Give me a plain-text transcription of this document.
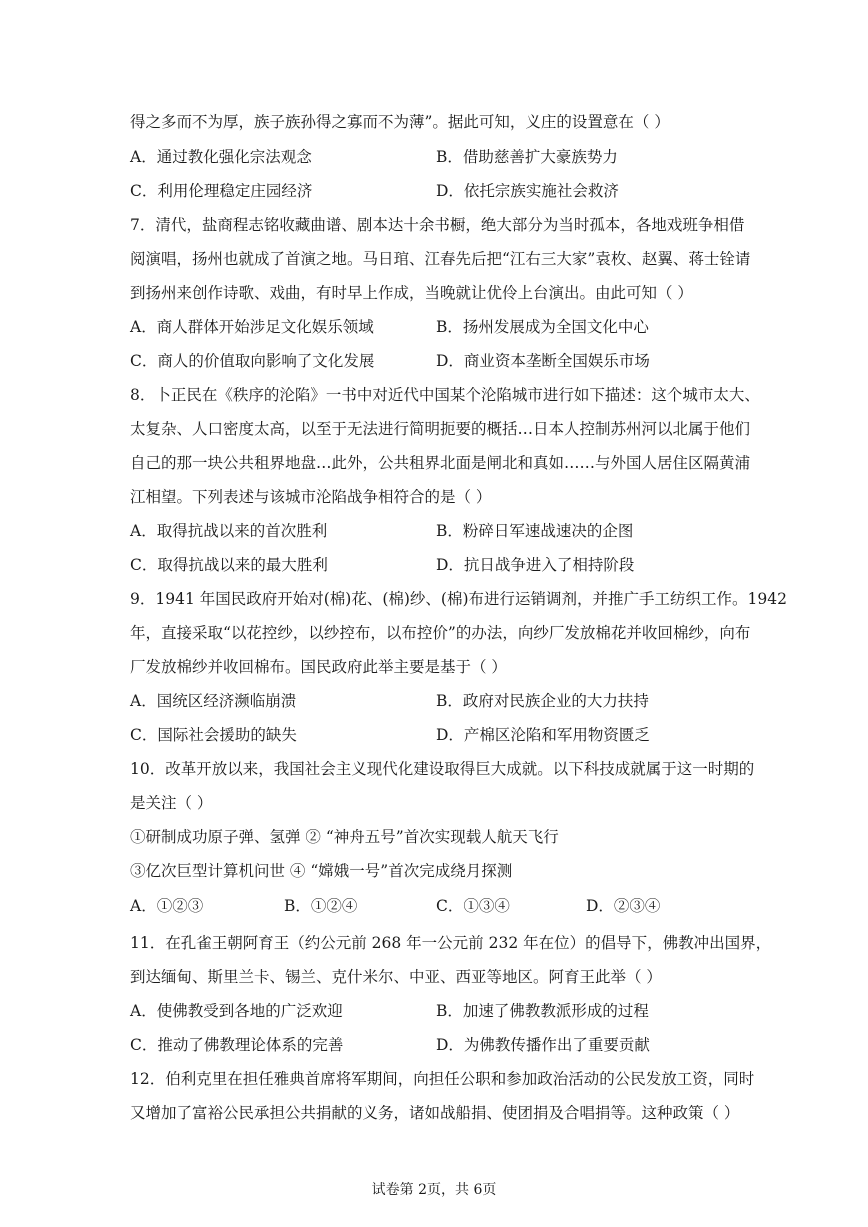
得之多而不为厚，族子族孙得之寡而不为薄”。据此可知，义庄的设置意在（ ）
A．通过教化强化宗法观念	B．借助慈善扩大豪族势力
C．利用伦理稳定庄园经济	D．依托宗族实施社会救济
7．清代，盐商程志铭收藏曲谱、剧本达十余书橱，绝大部分为当时孤本，各地戏班争相借
阅演唱，扬州也就成了首演之地。马日琯、江春先后把“江右三大家”袁枚、赵翼、蒋士铨请
到扬州来创作诗歌、戏曲，有时早上作成，当晚就让优伶上台演出。由此可知（ ）
A．商人群体开始涉足文化娱乐领域	B．扬州发展成为全国文化中心
C．商人的价值取向影响了文化发展	D．商业资本垄断全国娱乐市场
8．卜正民在《秩序的沦陷》一书中对近代中国某个沦陷城市进行如下描述：这个城市太大、
太复杂、人口密度太高，以至于无法进行简明扼要的概括…日本人控制苏州河以北属于他们
自己的那一块公共租界地盘…此外，公共租界北面是闸北和真如……与外国人居住区隔黄浦
江相望。下列表述与该城市沦陷战争相符合的是（ ）
A．取得抗战以来的首次胜利	B．粉碎日军速战速决的企图
C．取得抗战以来的最大胜利	D．抗日战争进入了相持阶段
9．1941 年国民政府开始对(棉)花、(棉)纱、(棉)布进行运销调剂，并推广手工纺织工作。1942
年，直接采取“以花控纱，以纱控布，以布控价”的办法，向纱厂发放棉花并收回棉纱，向布
厂发放棉纱并收回棉布。国民政府此举主要是基于（ ）
A．国统区经济濒临崩溃	B．政府对民族企业的大力扶持
C．国际社会援助的缺失	D．产棉区沦陷和军用物资匮乏
10．改革开放以来，我国社会主义现代化建设取得巨大成就。以下科技成就属于这一时期的
是关注（ ）
①研制成功原子弹、氢弹 ② “神舟五号”首次实现载人航天飞行
③亿次巨型计算机问世 ④ “嫦娥一号”首次完成绕月探测
A．①②③	B．①②④	C．①③④	D．②③④
11．在孔雀王朝阿育王（约公元前 268 年一公元前 232 年在位）的倡导下，佛教冲出国界，
到达缅甸、斯里兰卡、锡兰、克什米尔、中亚、西亚等地区。阿育王此举（ ）
A．使佛教受到各地的广泛欢迎	B．加速了佛教教派形成的过程
C．推动了佛教理论体系的完善	D．为佛教传播作出了重要贡献
12．伯利克里在担任雅典首席将军期间，向担任公职和参加政治活动的公民发放工资，同时
又增加了富裕公民承担公共捐献的义务，诸如战船捐、使团捐及合唱捐等。这种政策（ ）
试卷第 2页，共 6页
